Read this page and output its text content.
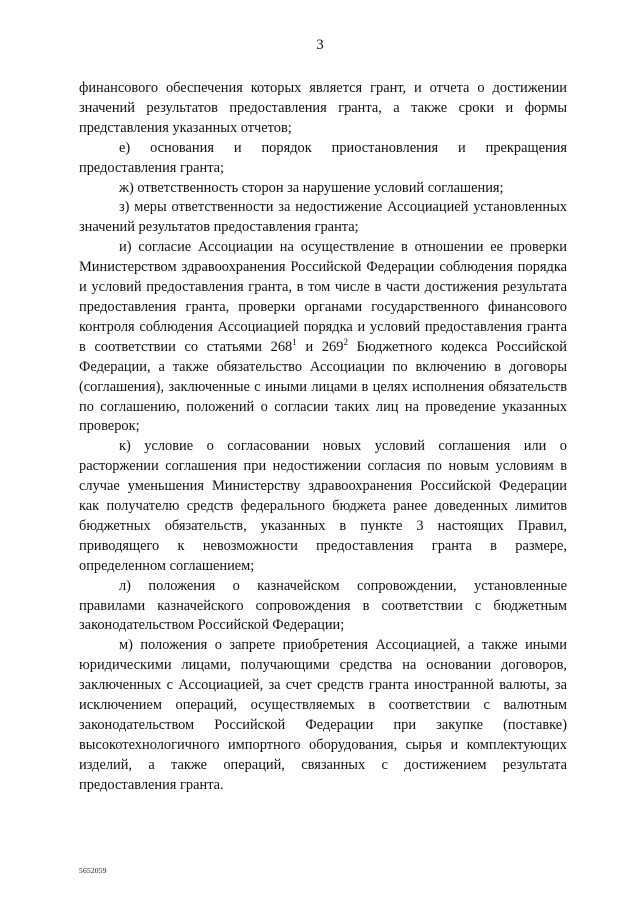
3

финансового обеспечения которых является грант, и отчета о достижении значений результатов предоставления гранта, а также сроки и формы представления указанных отчетов;

е) основания и порядок приостановления и прекращения предоставления гранта;

ж) ответственность сторон за нарушение условий соглашения;

з) меры ответственности за недостижение Ассоциацией установленных значений результатов предоставления гранта;

и) согласие Ассоциации на осуществление в отношении ее проверки Министерством здравоохранения Российской Федерации соблюдения порядка и условий предоставления гранта, в том числе в части достижения результата предоставления гранта, проверки органами государственного финансового контроля соблюдения Ассоциацией порядка и условий предоставления гранта в соответствии со статьями $268^1$ и $269^2$ Бюджетного кодекса Российской Федерации, а также обязательство Ассоциации по включению в договоры (соглашения), заключенные с иными лицами в целях исполнения обязательств по соглашению, положений о согласии таких лиц на проведение указанных проверок;

к) условие о согласовании новых условий соглашения или о расторжении соглашения при недостижении согласия по новым условиям в случае уменьшения Министерству здравоохранения Российской Федерации как получателю средств федерального бюджета ранее доведенных лимитов бюджетных обязательств, указанных в пункте 3 настоящих Правил, приводящего к невозможности предоставления гранта в размере, определенном соглашением;

л) положения о казначейском сопровождении, установленные правилами казначейского сопровождения в соответствии с бюджетным законодательством Российской Федерации;

м) положения о запрете приобретения Ассоциацией, а также иными юридическими лицами, получающими средства на основании договоров, заключенных с Ассоциацией, за счет средств гранта иностранной валюты, за исключением операций, осуществляемых в соответствии с валютным законодательством Российской Федерации при закупке (поставке) высокотехнологичного импортного оборудования, сырья и комплектующих изделий, а также операций, связанных с достижением результата предоставления гранта.

5652059
